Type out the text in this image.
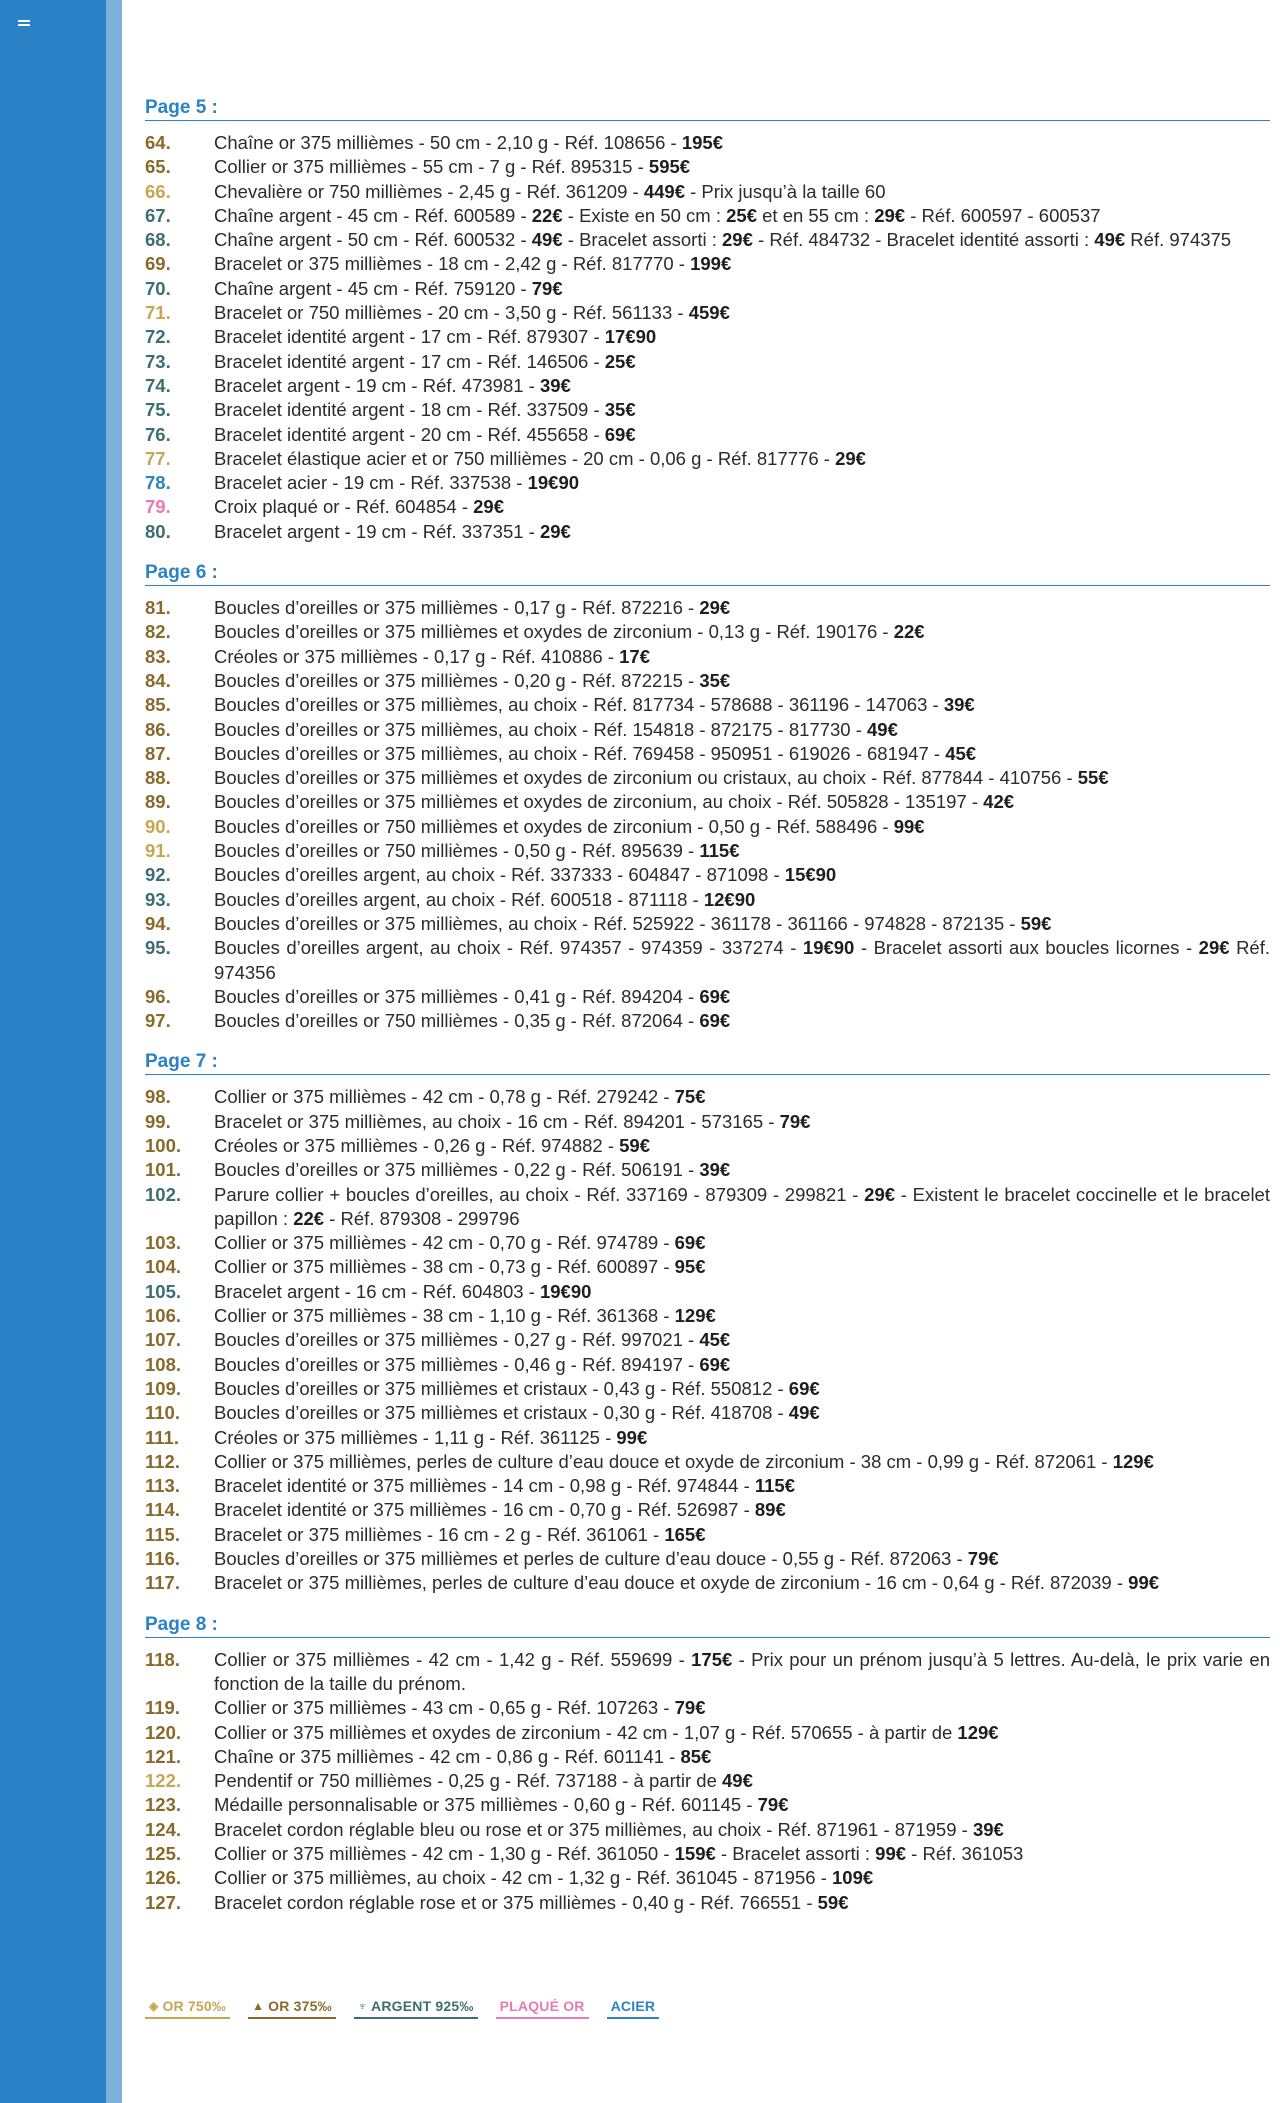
Page 5 :
64.	Chaîne or 375 millièmes - 50 cm - 2,10 g - Réf. 108656 - 195€
65.	Collier or 375 millièmes - 55 cm - 7 g - Réf. 895315 - 595€
66.	Chevalière or 750 millièmes - 2,45 g - Réf. 361209 - 449€ - Prix jusqu’à la taille 60
67.	Chaîne argent - 45 cm - Réf. 600589 - 22€ - Existe en 50 cm : 25€ et en 55 cm : 29€ - Réf. 600597 - 600537
68.	Chaîne argent - 50 cm - Réf. 600532 - 49€ - Bracelet assorti : 29€ - Réf. 484732 - Bracelet identité assorti : 49€ Réf. 974375
69.	Bracelet or 375 millièmes - 18 cm - 2,42 g - Réf. 817770 - 199€
70.	Chaîne argent - 45 cm - Réf. 759120 - 79€
71.	Bracelet or 750 millièmes - 20 cm - 3,50 g - Réf. 561133 - 459€
72.	Bracelet identité argent - 17 cm - Réf. 879307 - 17€90
73.	Bracelet identité argent - 17 cm - Réf. 146506 - 25€
74.	Bracelet argent - 19 cm - Réf. 473981 - 39€
75.	Bracelet identité argent - 18 cm - Réf. 337509 - 35€
76.	Bracelet identité argent - 20 cm - Réf. 455658 - 69€
77.	Bracelet élastique acier et or 750 millièmes - 20 cm - 0,06 g - Réf. 817776 - 29€
78.	Bracelet acier - 19 cm - Réf. 337538 - 19€90
79.	Croix plaqué or - Réf. 604854 - 29€
80.	Bracelet argent - 19 cm - Réf. 337351 - 29€
Page 6 :
81.	Boucles d’oreilles or 375 millièmes - 0,17 g - Réf. 872216 - 29€
82.	Boucles d’oreilles or 375 millièmes et oxydes de zirconium - 0,13 g - Réf. 190176 - 22€
83.	Créoles or 375 millièmes - 0,17 g - Réf. 410886 - 17€
84.	Boucles d’oreilles or 375 millièmes - 0,20 g - Réf. 872215 - 35€
85.	Boucles d’oreilles or 375 millièmes, au choix - Réf. 817734 - 578688 - 361196 - 147063 - 39€
86.	Boucles d’oreilles or 375 millièmes, au choix - Réf. 154818 - 872175 - 817730 - 49€
87.	Boucles d’oreilles or 375 millièmes, au choix - Réf. 769458 - 950951 - 619026 - 681947 - 45€
88.	Boucles d’oreilles or 375 millièmes et oxydes de zirconium ou cristaux, au choix - Réf. 877844 - 410756 - 55€
89.	Boucles d’oreilles or 375 millièmes et oxydes de zirconium, au choix - Réf. 505828 - 135197 - 42€
90.	Boucles d’oreilles or 750 millièmes et oxydes de zirconium - 0,50 g - Réf. 588496 - 99€
91.	Boucles d’oreilles or 750 millièmes - 0,50 g - Réf. 895639 - 115€
92.	Boucles d’oreilles argent, au choix - Réf. 337333 - 604847 - 871098 - 15€90
93.	Boucles d’oreilles argent, au choix - Réf. 600518 - 871118 - 12€90
94.	Boucles d’oreilles or 375 millièmes, au choix - Réf. 525922 - 361178 - 361166 - 974828 - 872135 - 59€
95.	Boucles d’oreilles argent, au choix - Réf. 974357 - 974359 - 337274 - 19€90 - Bracelet assorti aux boucles licornes - 29€ Réf. 974356
96.	Boucles d’oreilles or 375 millièmes - 0,41 g - Réf. 894204 - 69€
97.	Boucles d’oreilles or 750 millièmes - 0,35 g - Réf. 872064 - 69€
Page 7 :
98.	Collier or 375 millièmes - 42 cm - 0,78 g - Réf. 279242 - 75€
99.	Bracelet or 375 millièmes, au choix - 16 cm - Réf. 894201 - 573165 - 79€
100.	Créoles or 375 millièmes - 0,26 g - Réf. 974882 - 59€
101.	Boucles d’oreilles or 375 millièmes - 0,22 g - Réf. 506191 - 39€
102.	Parure collier + boucles d’oreilles, au choix - Réf. 337169 - 879309 - 299821 - 29€ - Existent le bracelet coccinelle et le bracelet papillon : 22€ - Réf. 879308 - 299796
103.	Collier or 375 millièmes - 42 cm - 0,70 g - Réf. 974789 - 69€
104.	Collier or 375 millièmes - 38 cm - 0,73 g - Réf. 600897 - 95€
105.	Bracelet argent - 16 cm - Réf. 604803 - 19€90
106.	Collier or 375 millièmes - 38 cm - 1,10 g - Réf. 361368 - 129€
107.	Boucles d’oreilles or 375 millièmes - 0,27 g - Réf. 997021 - 45€
108.	Boucles d’oreilles or 375 millièmes - 0,46 g - Réf. 894197 - 69€
109.	Boucles d’oreilles or 375 millièmes et cristaux - 0,43 g - Réf. 550812 - 69€
110.	Boucles d’oreilles or 375 millièmes et cristaux - 0,30 g - Réf. 418708 - 49€
111.	Créoles or 375 millièmes - 1,11 g - Réf. 361125 - 99€
112.	Collier or 375 millièmes, perles de culture d’eau douce et oxyde de zirconium - 38 cm - 0,99 g - Réf. 872061 - 129€
113.	Bracelet identité or 375 millièmes - 14 cm - 0,98 g - Réf. 974844 - 115€
114.	Bracelet identité or 375 millièmes - 16 cm - 0,70 g - Réf. 526987 - 89€
115.	Bracelet or 375 millièmes - 16 cm - 2 g - Réf. 361061 - 165€
116.	Boucles d’oreilles or 375 millièmes et perles de culture d’eau douce - 0,55 g - Réf. 872063 - 79€
117.	Bracelet or 375 millièmes, perles de culture d’eau douce et oxyde de zirconium - 16 cm - 0,64 g - Réf. 872039 - 99€
Page 8 :
118.	Collier or 375 millièmes - 42 cm - 1,42 g - Réf. 559699 - 175€ - Prix pour un prénom jusqu’à 5 lettres. Au-delà, le prix varie en fonction de la taille du prénom.
119.	Collier or 375 millièmes - 43 cm - 0,65 g - Réf. 107263 - 79€
120.	Collier or 375 millièmes et oxydes de zirconium - 42 cm - 1,07 g - Réf. 570655 - à partir de 129€
121.	Chaîne or 375 millièmes - 42 cm - 0,86 g - Réf. 601141 - 85€
122.	Pendentif or 750 millièmes - 0,25 g - Réf. 737188 - à partir de 49€
123.	Médaille personnalisable or 375 millièmes - 0,60 g - Réf. 601145 - 79€
124.	Bracelet cordon réglable bleu ou rose et or 375 millièmes, au choix - Réf. 871961 - 871959 - 39€
125.	Collier or 375 millièmes - 42 cm - 1,30 g - Réf. 361050 - 159€ - Bracelet assorti : 99€ - Réf. 361053
126.	Collier or 375 millièmes, au choix - 42 cm - 1,32 g - Réf. 361045 - 871956 - 109€
127.	Bracelet cordon réglable rose et or 375 millièmes - 0,40 g - Réf. 766551 - 59€
◈ OR 750‰ ▲ OR 375‰ ♆ ARGENT 925‰ PLAQUÉ OR ACIER
